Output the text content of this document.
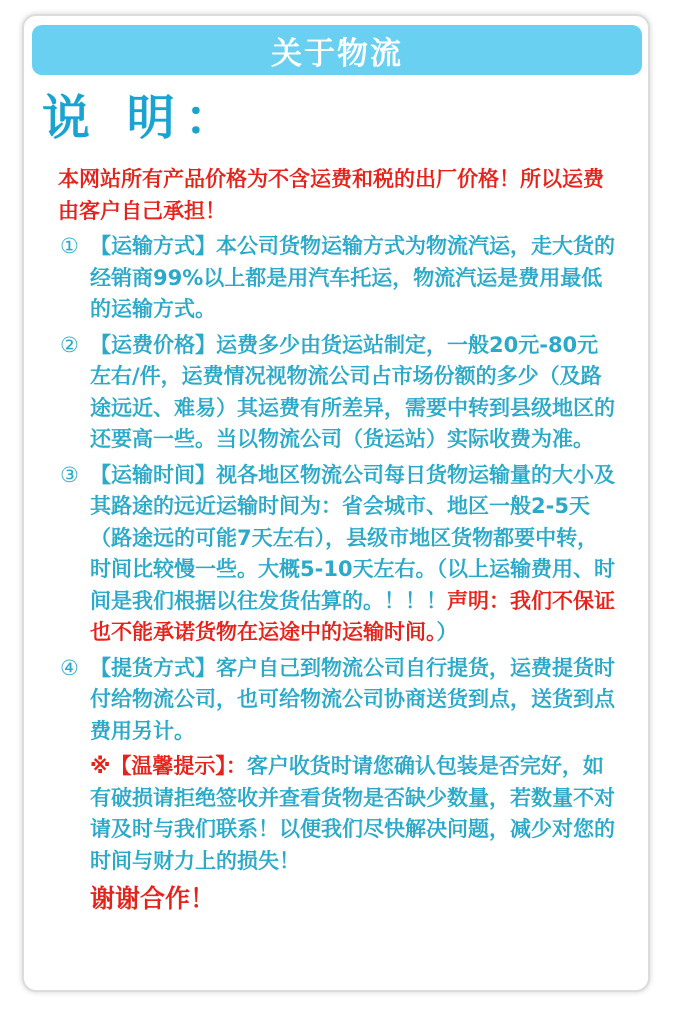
关于物流
说 明：
本网站所有产品价格为不含运费和税的出厂价格！所以运费由客户自己承担！
① 【运输方式】本公司货物运输方式为物流汽运，走大货的经销商99%以上都是用汽车托运，物流汽运是费用最低的运输方式。
② 【运费价格】运费多少由货运站制定，一般20元-80元左右/件，运费情况视物流公司占市场份额的多少（及路途远近、难易）其运费有所差异，需要中转到县级地区的还要高一些。当以物流公司（货运站）实际收费为准。
③ 【运输时间】视各地区物流公司每日货物运输量的大小及其路途的远近运输时间为：省会城市、地区一般2-5天（路途远的可能7天左右），县级市地区货物都要中转，时间比较慢一些。大概5-10天左右。（以上运输费用、时间是我们根据以往发货估算的。！！！声明：我们不保证也不能承诺货物在运途中的运输时间。）
④ 【提货方式】客户自己到物流公司自行提货，运费提货时付给物流公司，也可给物流公司协商送货到点，送货到点费用另计。
※【温馨提示】：客户收货时请您确认包装是否完好，如有破损请拒绝签收并查看货物是否缺少数量，若数量不对请及时与我们联系！以便我们尽快解决问题，减少对您的时间与财力上的损失！
谢谢合作！
